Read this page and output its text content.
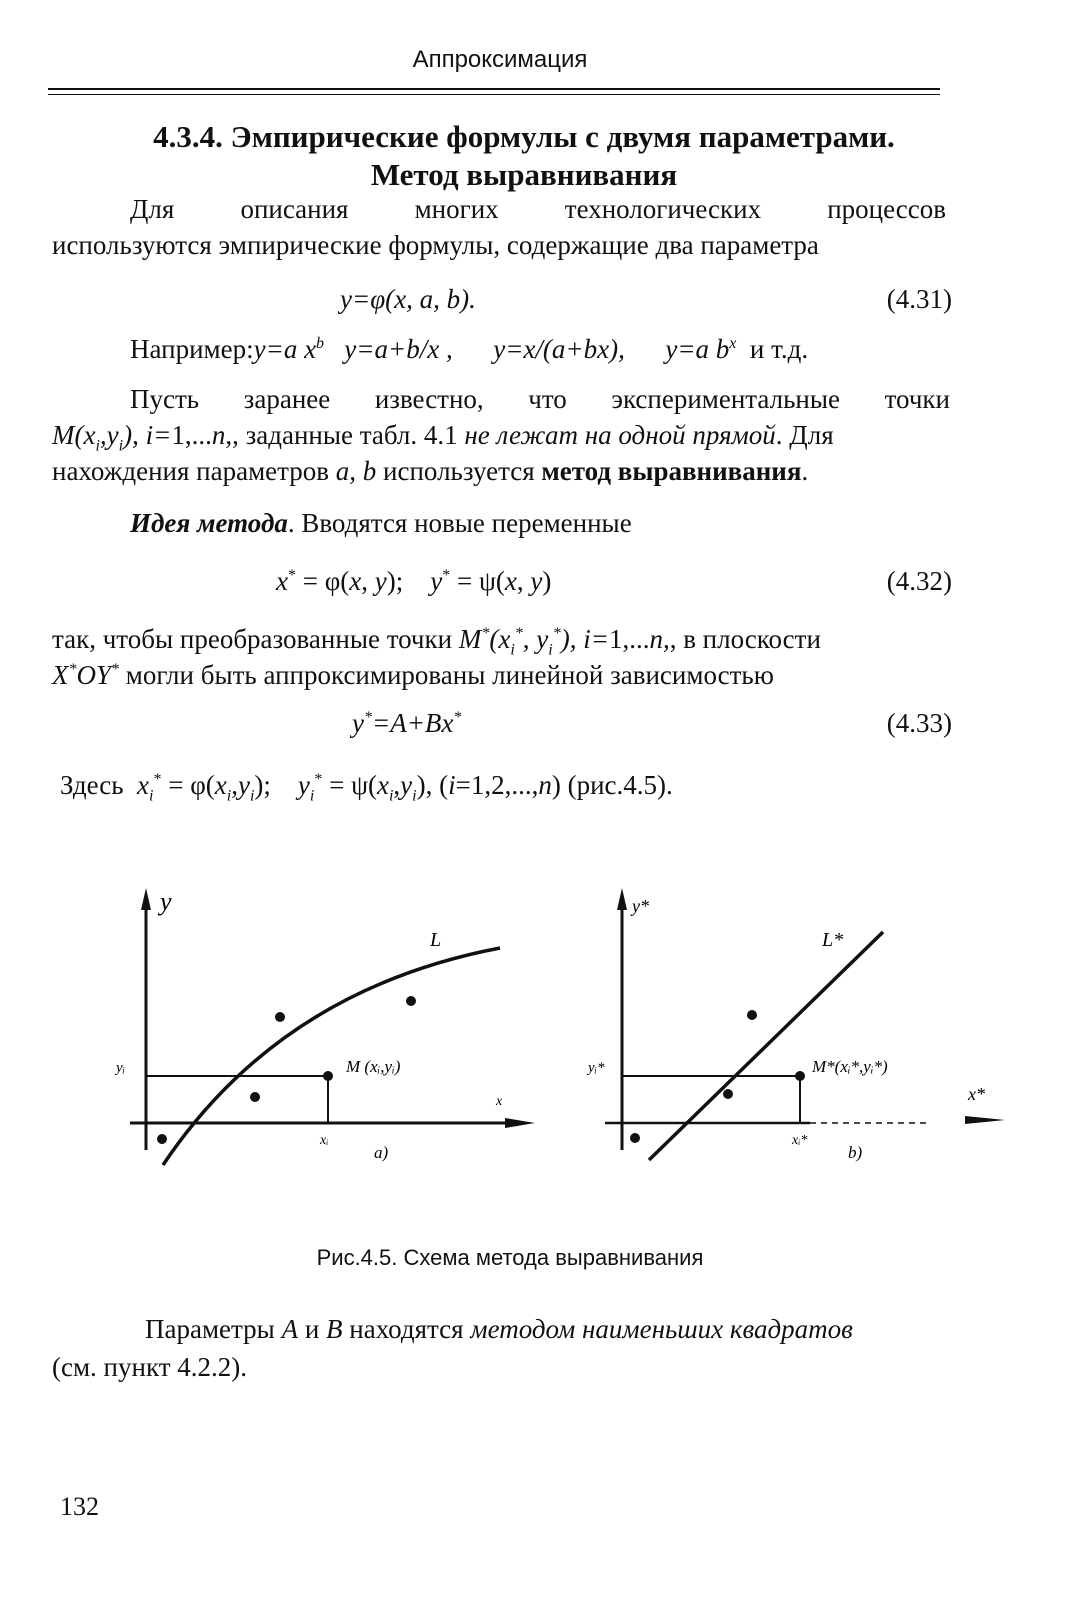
Аппроксимация
4.3.4. Эмпирические формулы с двумя параметрами.
Метод выравнивания
Для описания многих технологических процессов
используются эмпирические формулы, содержащие два параметра
y=φ(x, a, b).	(4.31)
Например:y=a $x^b$   y=a+b/x ,      y=x/(a+bx),      y=a $b^x$ и т.д.
Пусть заранее известно, что экспериментальные точки
$M(x_i,y_i)$, i=1,...n,, заданные табл. 4.1 не лежат на одной прямой. Для
нахождения параметров a, b используется метод выравнивания.
Идея метода. Вводятся новые переменные
x* = φ(x, y);    y* = ψ(x, y)	(4.32)
так, чтобы преобразованные точки $M^*(x_i^*$, $y_i^*$), i=1,...n,, в плоскости
X*OY* могли быть аппроксимированы линейной зависимостью
y*=A+Bx*	(4.33)
Здесь $x_i^* = \varphi(x_i,y_i)$;    $y_i^* = \psi(x_i,y_i)$, (i=1,2,...,n) (рис.4.5).
y
L
M (xᵢ,yᵢ)
yᵢ
xᵢ
x
a)
y*
L*
M*(xᵢ*,yᵢ*)
yᵢ*
xᵢ*
x*
b)
Рис.4.5. Схема метода выравнивания
Параметры A и B находятся методом наименьших квадратов
(см. пункт 4.2.2).
132
